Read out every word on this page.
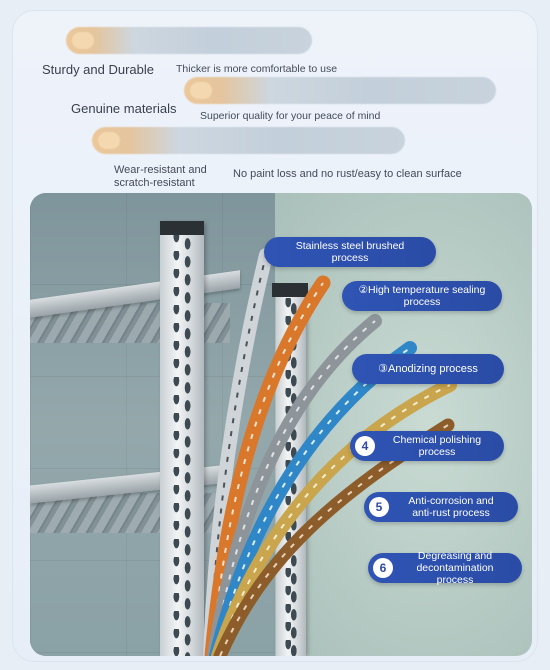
Sturdy and Durable Thicker is more comfortable to use
Genuine materials Superior quality for your peace of mind
Wear-resistant and
scratch-resistant
No paint loss and no rust/easy to clean surface
Stainless steel brushed
process
②High temperature sealing
process
③Anodizing process
4	Chemical polishing
process
5	Anti-corrosion and
anti-rust process
6
Degreasing and
decontamination process
